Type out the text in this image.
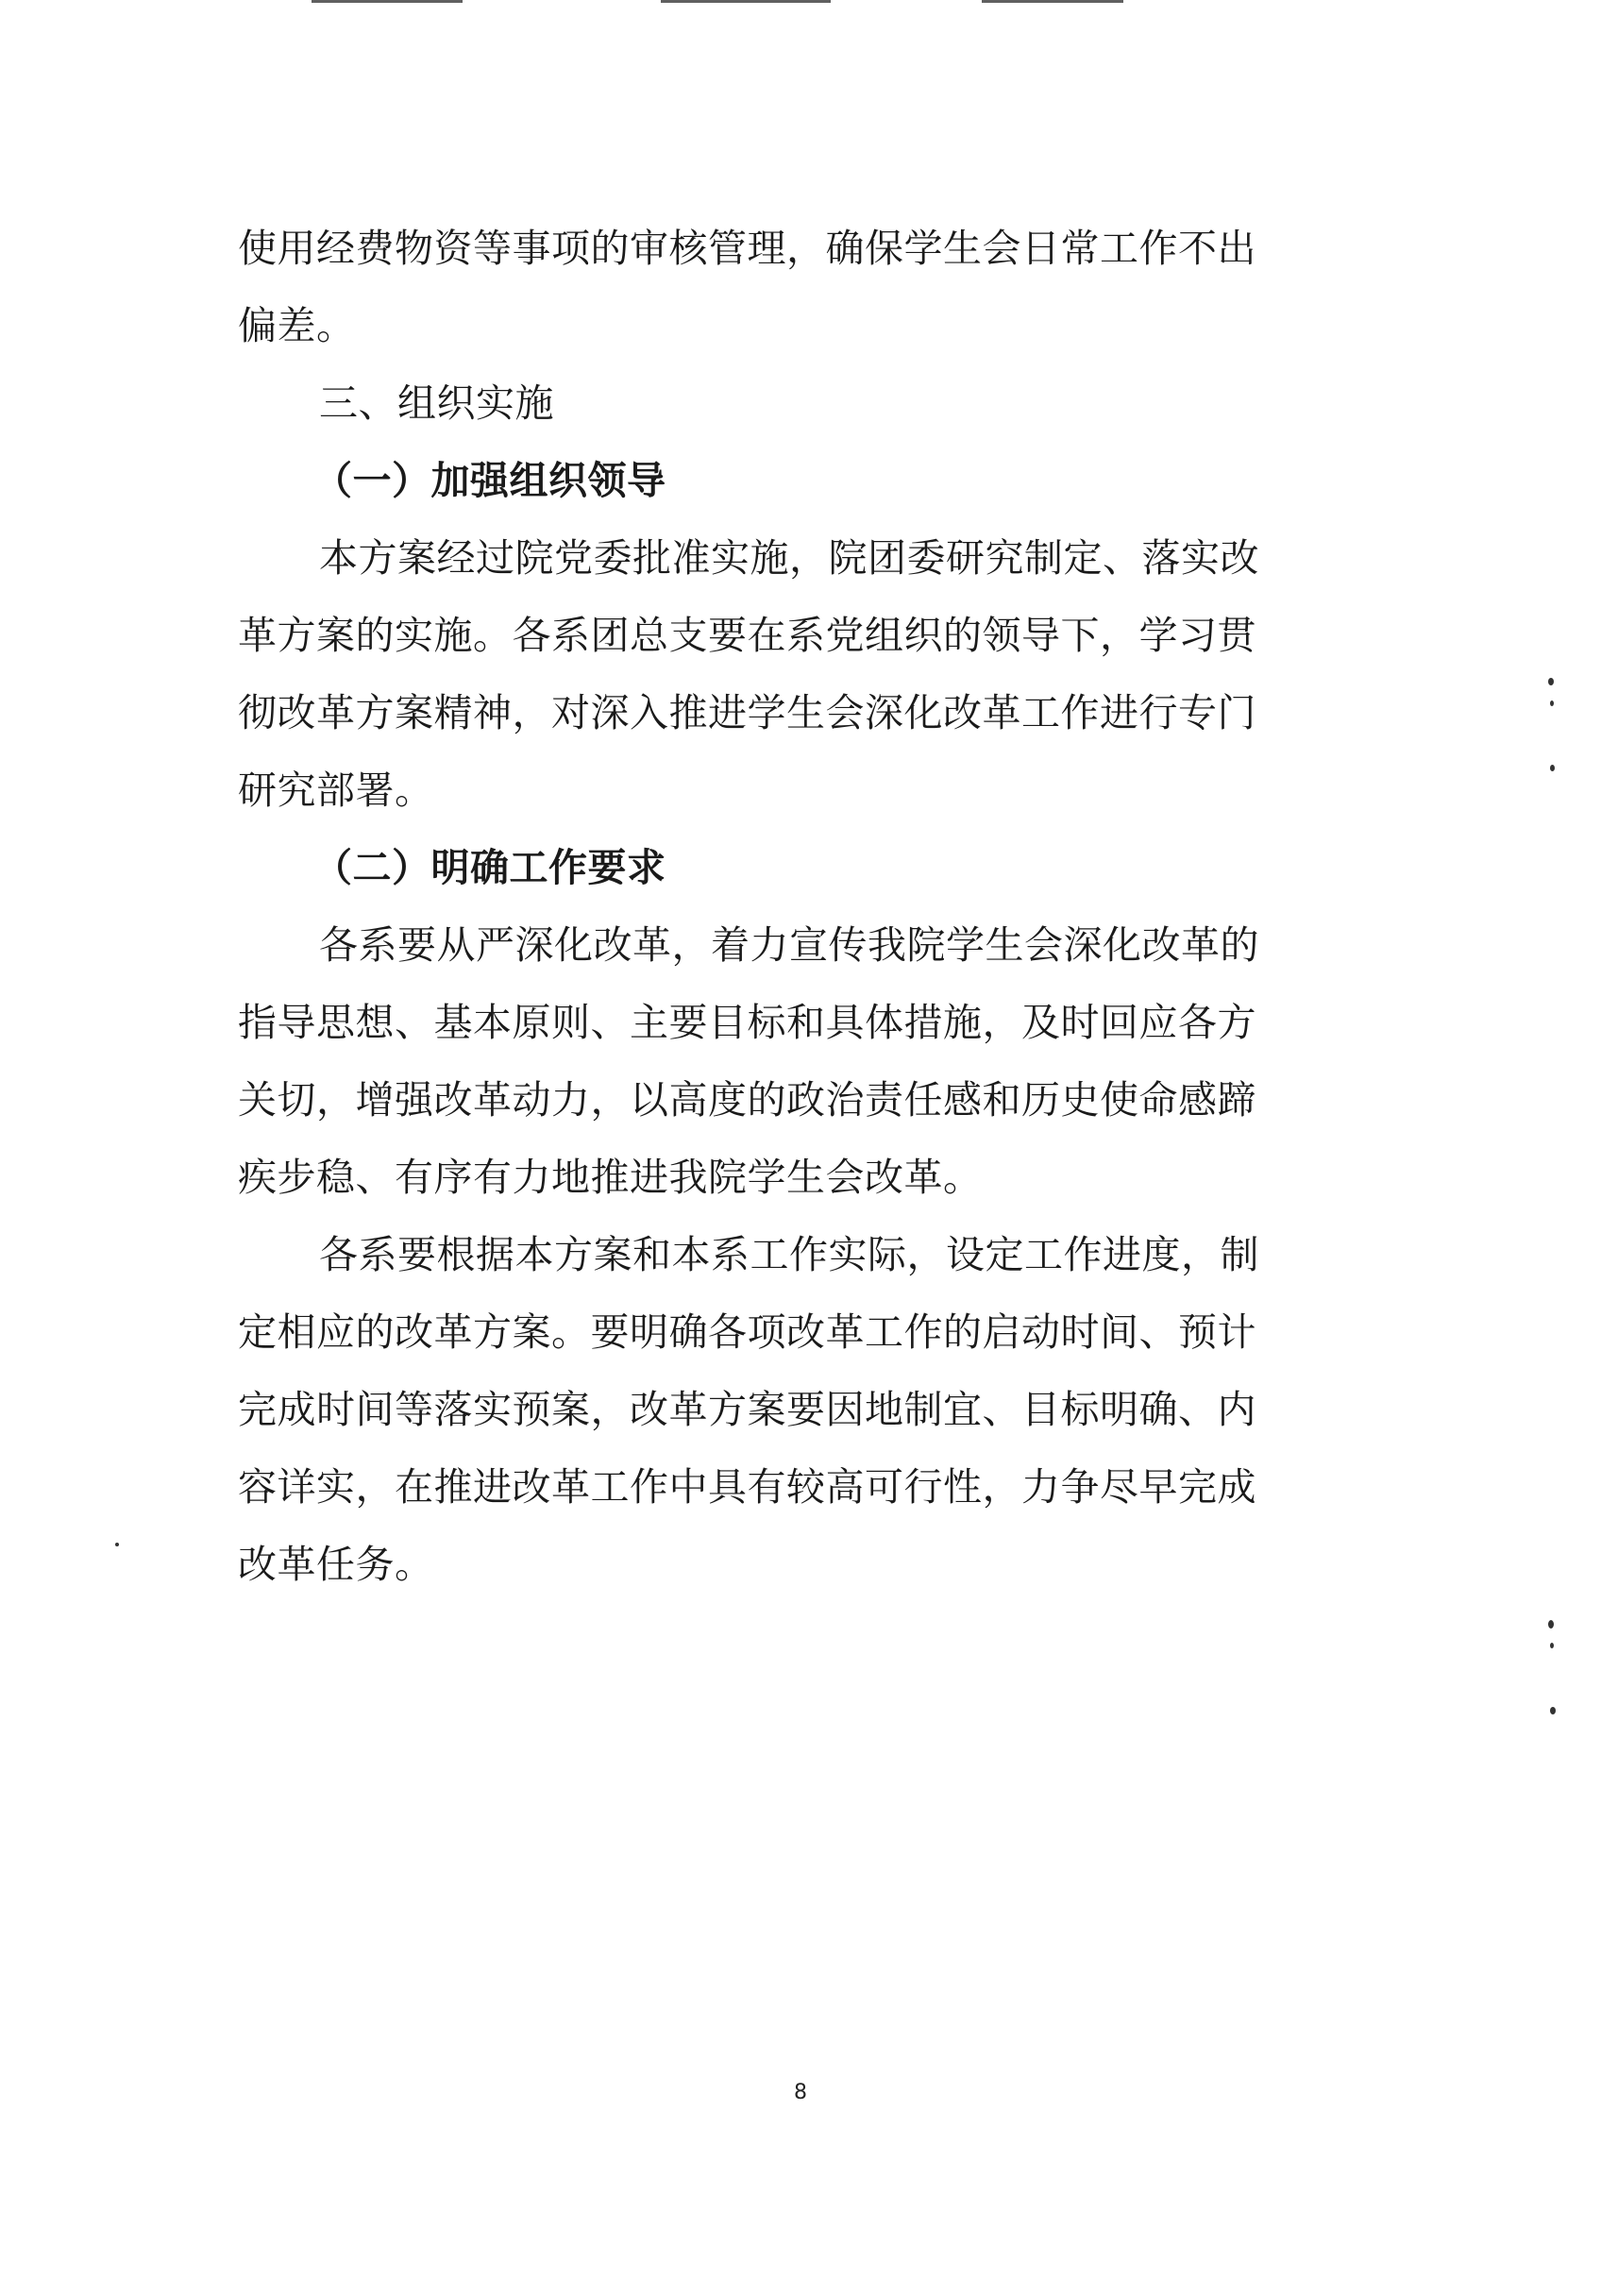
使用经费物资等事项的审核管理，确保学生会日常工作不出
偏差。
三、组织实施
（一）加强组织领导
本方案经过院党委批准实施，院团委研究制定、落实改
革方案的实施。各系团总支要在系党组织的领导下，学习贯
彻改革方案精神，对深入推进学生会深化改革工作进行专门
研究部署。
（二）明确工作要求
各系要从严深化改革，着力宣传我院学生会深化改革的
指导思想、基本原则、主要目标和具体措施，及时回应各方
关切，增强改革动力，以高度的政治责任感和历史使命感蹄
疾步稳、有序有力地推进我院学生会改革。
各系要根据本方案和本系工作实际，设定工作进度，制
定相应的改革方案。要明确各项改革工作的启动时间、预计
完成时间等落实预案，改革方案要因地制宜、目标明确、内
容详实，在推进改革工作中具有较高可行性，力争尽早完成
改革任务。
8
